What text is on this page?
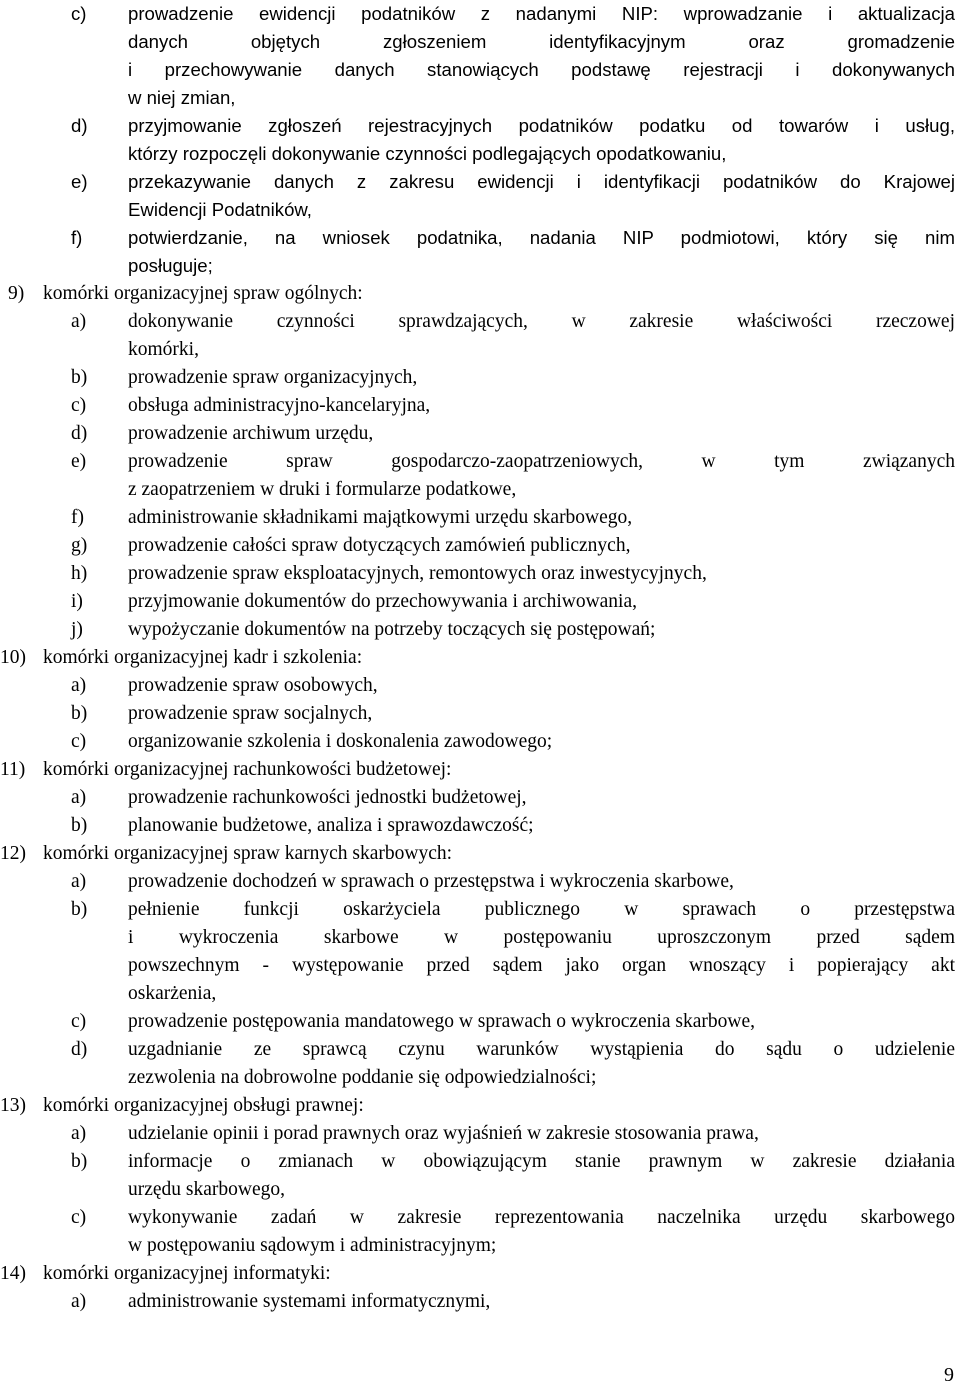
c) prowadzenie ewidencji podatników z nadanymi NIP: wprowadzanie i aktualizacja
danych objętych zgłoszeniem identyfikacyjnym oraz gromadzenie
i przechowywanie danych stanowiących podstawę rejestracji i dokonywanych
w niej zmian,
d) przyjmowanie zgłoszeń rejestracyjnych podatników podatku od towarów i usług,
którzy rozpoczęli dokonywanie czynności podlegających opodatkowaniu,
e) przekazywanie danych z zakresu ewidencji i identyfikacji podatników do Krajowej
Ewidencji Podatników,
f) potwierdzanie, na wniosek podatnika, nadania NIP podmiotowi, który się nim
posługuje;
9) komórki organizacyjnej spraw ogólnych:
a) dokonywanie czynności sprawdzających, w zakresie właściwości rzeczowej
komórki,
b) prowadzenie spraw organizacyjnych,
c) obsługa administracyjno-kancelaryjna,
d) prowadzenie archiwum urzędu,
e) prowadzenie spraw gospodarczo-zaopatrzeniowych, w tym związanych
z zaopatrzeniem w druki i formularze podatkowe,
f) administrowanie składnikami majątkowymi urzędu skarbowego,
g) prowadzenie całości spraw dotyczących zamówień publicznych,
h) prowadzenie spraw eksploatacyjnych, remontowych oraz inwestycyjnych,
i) przyjmowanie dokumentów do przechowywania i archiwowania,
j) wypożyczanie dokumentów na potrzeby toczących się postępowań;
10) komórki organizacyjnej kadr i szkolenia:
a) prowadzenie spraw osobowych,
b) prowadzenie spraw socjalnych,
c) organizowanie szkolenia i doskonalenia zawodowego;
11) komórki organizacyjnej rachunkowości budżetowej:
a) prowadzenie rachunkowości jednostki budżetowej,
b) planowanie budżetowe, analiza i sprawozdawczość;
12) komórki organizacyjnej spraw karnych skarbowych:
a) prowadzenie dochodzeń w sprawach o przestępstwa i wykroczenia skarbowe,
b) pełnienie funkcji oskarżyciela publicznego w sprawach o przestępstwa
i wykroczenia skarbowe w postępowaniu uproszczonym przed sądem
powszechnym - występowanie przed sądem jako organ wnoszący i popierający akt
oskarżenia,
c) prowadzenie postępowania mandatowego w sprawach o wykroczenia skarbowe,
d) uzgadnianie ze sprawcą czynu warunków wystąpienia do sądu o udzielenie
zezwolenia na dobrowolne poddanie się odpowiedzialności;
13) komórki organizacyjnej obsługi prawnej:
a) udzielanie opinii i porad prawnych oraz wyjaśnień w zakresie stosowania prawa,
b) informacje o zmianach w obowiązującym stanie prawnym w zakresie działania
urzędu skarbowego,
c) wykonywanie zadań w zakresie reprezentowania naczelnika urzędu skarbowego
w postępowaniu sądowym i administracyjnym;
14) komórki organizacyjnej informatyki:
a) administrowanie systemami informatycznymi,
9
